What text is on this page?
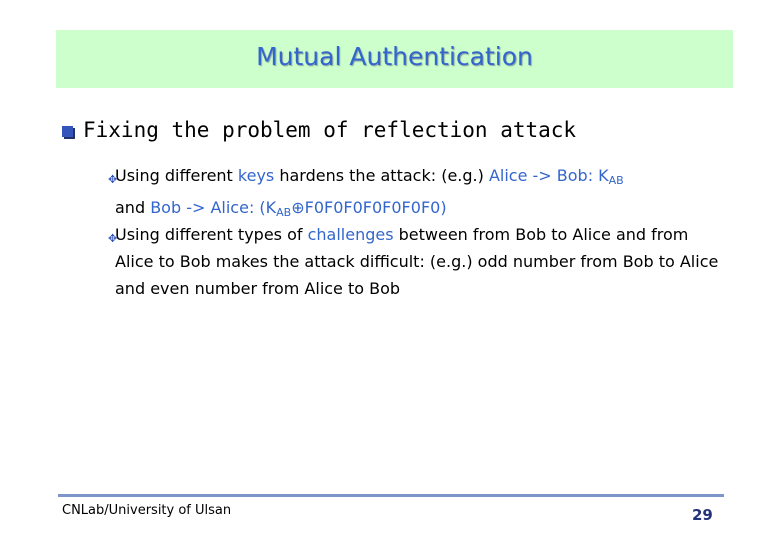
Mutual Authentication
Fixing the problem of reflection attack
✥
Using different keys hardens the attack: (e.g.) Alice -> Bob: $K_{AB}$
and Bob -> Alice: $(K_{AB}\oplus F0F0F0F0F0F0F0)$
✥
Using different types of challenges between from Bob to Alice and from Alice to Bob makes the attack difficult: (e.g.) odd number from Bob to Alice and even number from Alice to Bob
CNLab/University of Ulsan	29
